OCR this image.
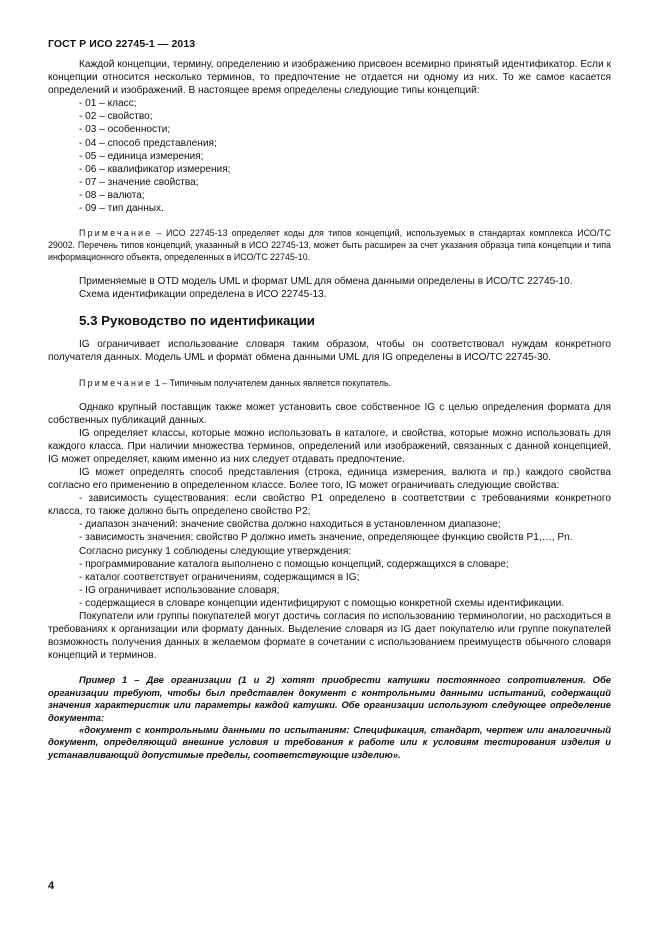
ГОСТ Р ИСО 22745-1 — 2013

Каждой концепции, термину, определению и изображению присвоен всемирно принятый идентификатор. Если к концепции относится несколько терминов, то предпочтение не отдается ни одному из них. То же самое касается определений и изображений. В настоящее время определены следующие типы концепций:

- 01 – класс;
- 02 – свойство;
- 03 – особенности;
- 04 – способ представления;
- 05 – единица измерения;
- 06 – квалификатор измерения;
- 07 – значение свойства;
- 08 – валюта;
- 09 – тип данных.

Примечание – ИСО 22745-13 определяет коды для типов концепций, используемых в стандартах комплекса ИСО/ТС 29002. Перечень типов концепций, указанный в ИСО 22745-13, может быть расширен за счет указания образца типа концепции и типа информационного объекта, определенных в ИСО/ТС 22745-10.

Применяемые в OTD модель UML и формат UML для обмена данными определены в ИСО/ТС 22745-10.

Схема идентификации определена в ИСО 22745-13.

5.3 Руководство по идентификации

IG ограничивает использование словаря таким образом, чтобы он соответствовал нуждам конкретного получателя данных. Модель UML и формат обмена данными UML для IG определены в ИСО/ТС 22745-30.

Примечание 1 – Типичным получателем данных является покупатель.

Однако крупный поставщик также может установить свое собственное IG с целью определения формата для собственных публикаций данных.

IG определяет классы, которые можно использовать в каталоге, и свойства, которые можно использовать для каждого класса. При наличии множества терминов, определений или изображений, связанных с данной концепцией, IG может определяет, каким именно из них следует отдавать предпочтение.

IG может определять способ представления (строка, единица измерения, валюта и пр.) каждого свойства согласно его применению в определенном классе. Более того, IG может ограничивать следующие свойства:

- зависимость существования: если свойство P1 определено в соответствии с требованиями конкретного класса, то также должно быть определено свойство P2;

- диапазон значений: значение свойства должно находиться в установленном диапазоне;

- зависимость значения: свойство P должно иметь значение, определяющее функцию свойств P1,…, Pn.

Согласно рисунку 1 соблюдены следующие утверждения:

- программирование каталога выполнено с помощью концепций, содержащихся в словаре;

- каталог соответствует ограничениям, содержащимся в IG;

- IG ограничивает использование словаря;

- содержащиеся в словаре концепции идентифицируют с помощью конкретной схемы идентификации.

Покупатели или группы покупателей могут достичь согласия по использованию терминологии, но расходиться в требованиях к организации или формату данных. Выделение словаря из IG дает покупателю или группе покупателей возможность получения данных в желаемом формате в сочетании с использованием преимуществ обычного словаря концепций и терминов.

Пример 1 – Две организации (1 и 2) хотят приобрести катушки постоянного сопротивления. Обе организации требуют, чтобы был представлен документ с контрольными данными испытаний, содержащий значения характеристик или параметры каждой катушки. Обе организации используют следующее определение документа:

«документ с контрольными данными по испытаниям: Спецификация, стандарт, чертеж или аналогичный документ, определяющий внешние условия и требования к работе или к условиям тестирования изделия и устанавливающий допустимые пределы, соответствующие изделию».

4
